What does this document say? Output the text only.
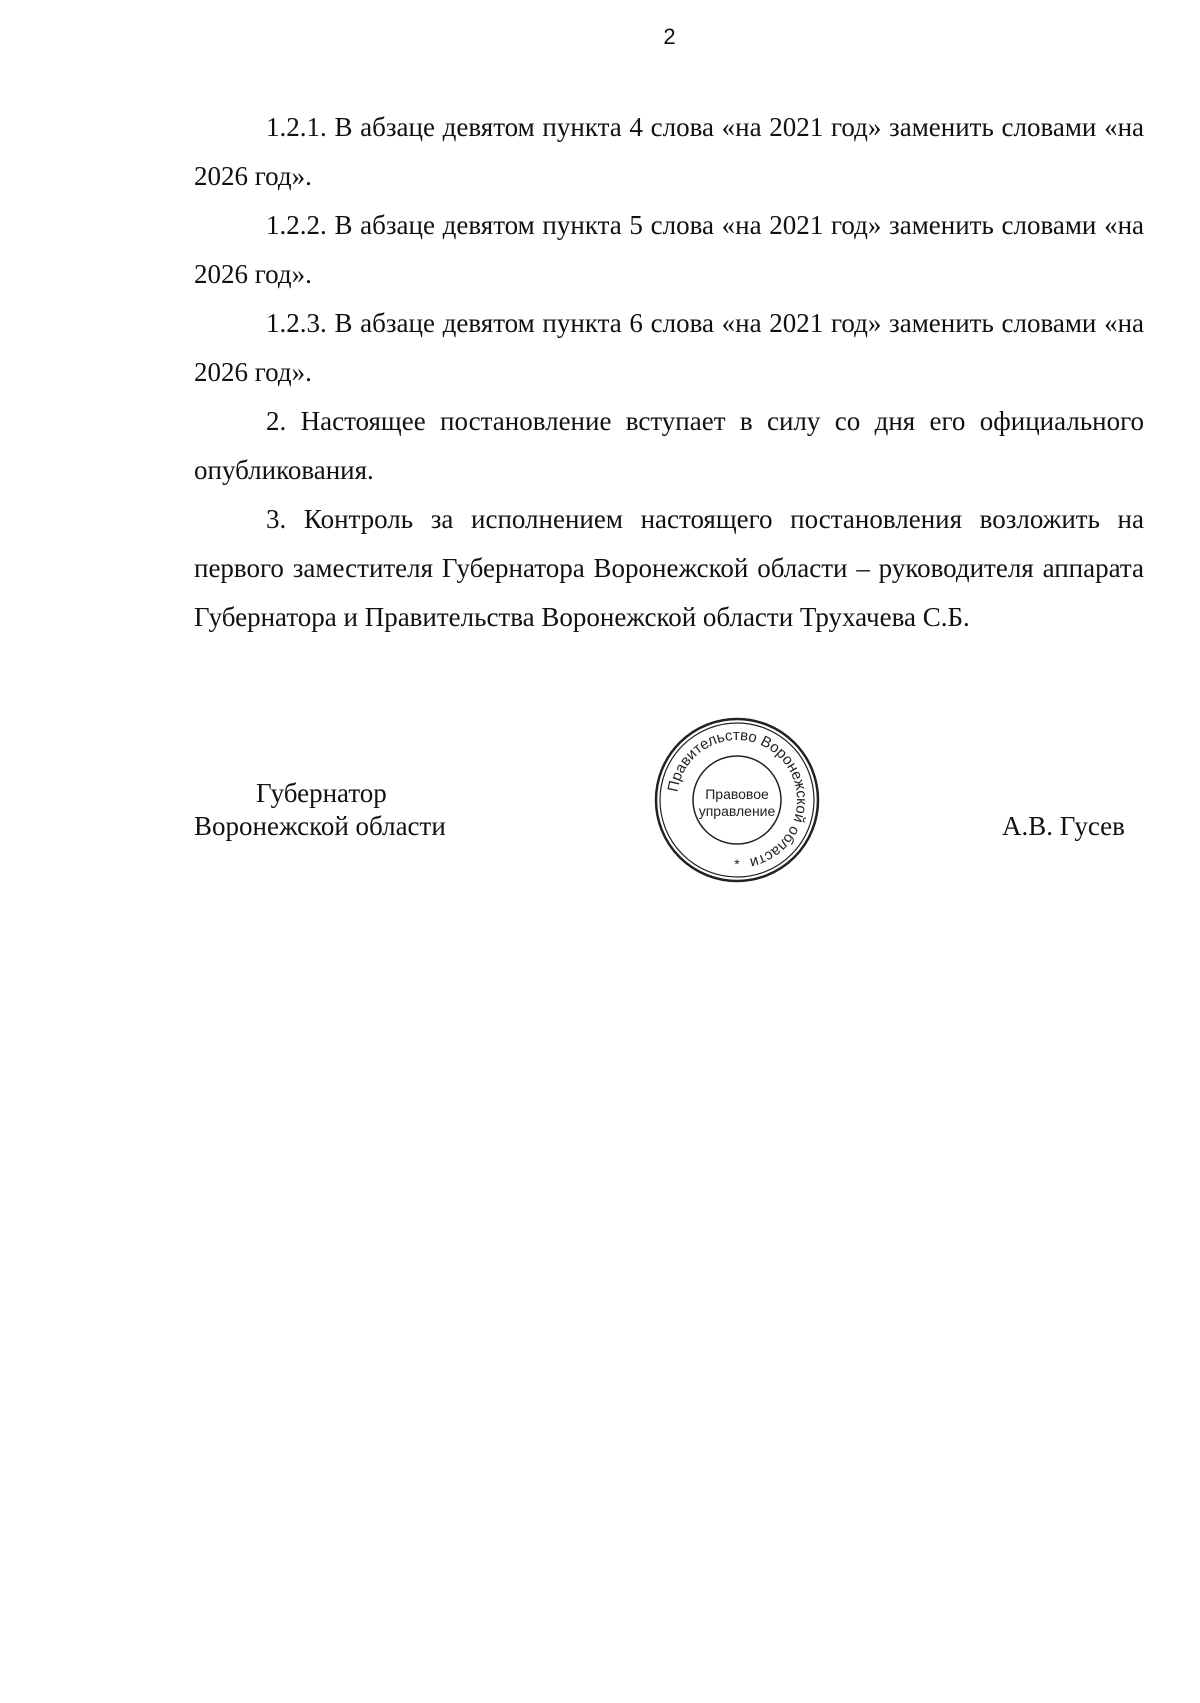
2

1.2.1. В абзаце девятом пункта 4 слова «на 2021 год» заменить словами «на 2026 год».

1.2.2. В абзаце девятом пункта 5 слова «на 2021 год» заменить словами «на 2026 год».

1.2.3. В абзаце девятом пункта 6 слова «на 2021 год» заменить словами «на 2026 год».

2. Настоящее постановление вступает в силу со дня его официального опубликования.

3. Контроль за исполнением настоящего постановления возложить на первого заместителя Губернатора Воронежской области – руководителя аппарата Губернатора и Правительства Воронежской области Трухачева С.Б.

Губернатор
Воронежской области
Правительство Воронежской области
Правовое
управление
*
А.В. Гусев
